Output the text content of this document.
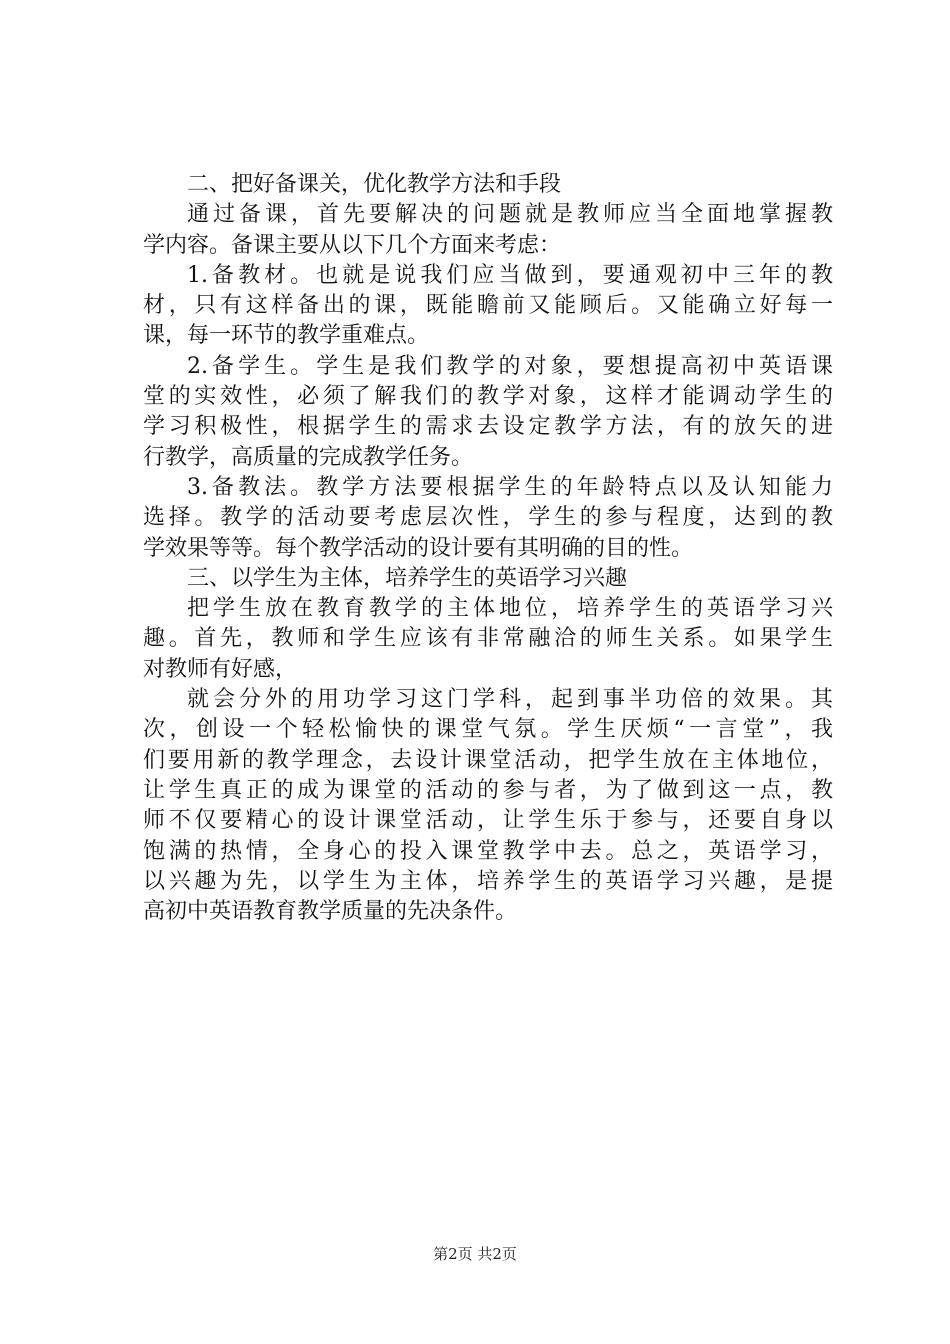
二、把好备课关，优化教学方法和手段
通过备课，首先要解决的问题就是教师应当全面地掌握教
学内容。备课主要从以下几个方面来考虑：
1.备教材。也就是说我们应当做到，要通观初中三年的教
材，只有这样备出的课，既能瞻前又能顾后。又能确立好每一
课，每一环节的教学重难点。
2.备学生。学生是我们教学的对象，要想提高初中英语课
堂的实效性，必须了解我们的教学对象，这样才能调动学生的
学习积极性，根据学生的需求去设定教学方法，有的放矢的进
行教学，高质量的完成教学任务。
3.备教法。教学方法要根据学生的年龄特点以及认知能力
选择。教学的活动要考虑层次性，学生的参与程度，达到的教
学效果等等。每个教学活动的设计要有其明确的目的性。
三、以学生为主体，培养学生的英语学习兴趣
把学生放在教育教学的主体地位，培养学生的英语学习兴
趣。首先，教师和学生应该有非常融洽的师生关系。如果学生
对教师有好感，
就会分外的用功学习这门学科，起到事半功倍的效果。其
次，创设一个轻松愉快的课堂气氛。学生厌烦“一言堂”，我
们要用新的教学理念，去设计课堂活动，把学生放在主体地位，
让学生真正的成为课堂的活动的参与者，为了做到这一点，教
师不仅要精心的设计课堂活动，让学生乐于参与，还要自身以
饱满的热情，全身心的投入课堂教学中去。总之，英语学习，
以兴趣为先，以学生为主体，培养学生的英语学习兴趣，是提
高初中英语教育教学质量的先决条件。
第2页 共2页
